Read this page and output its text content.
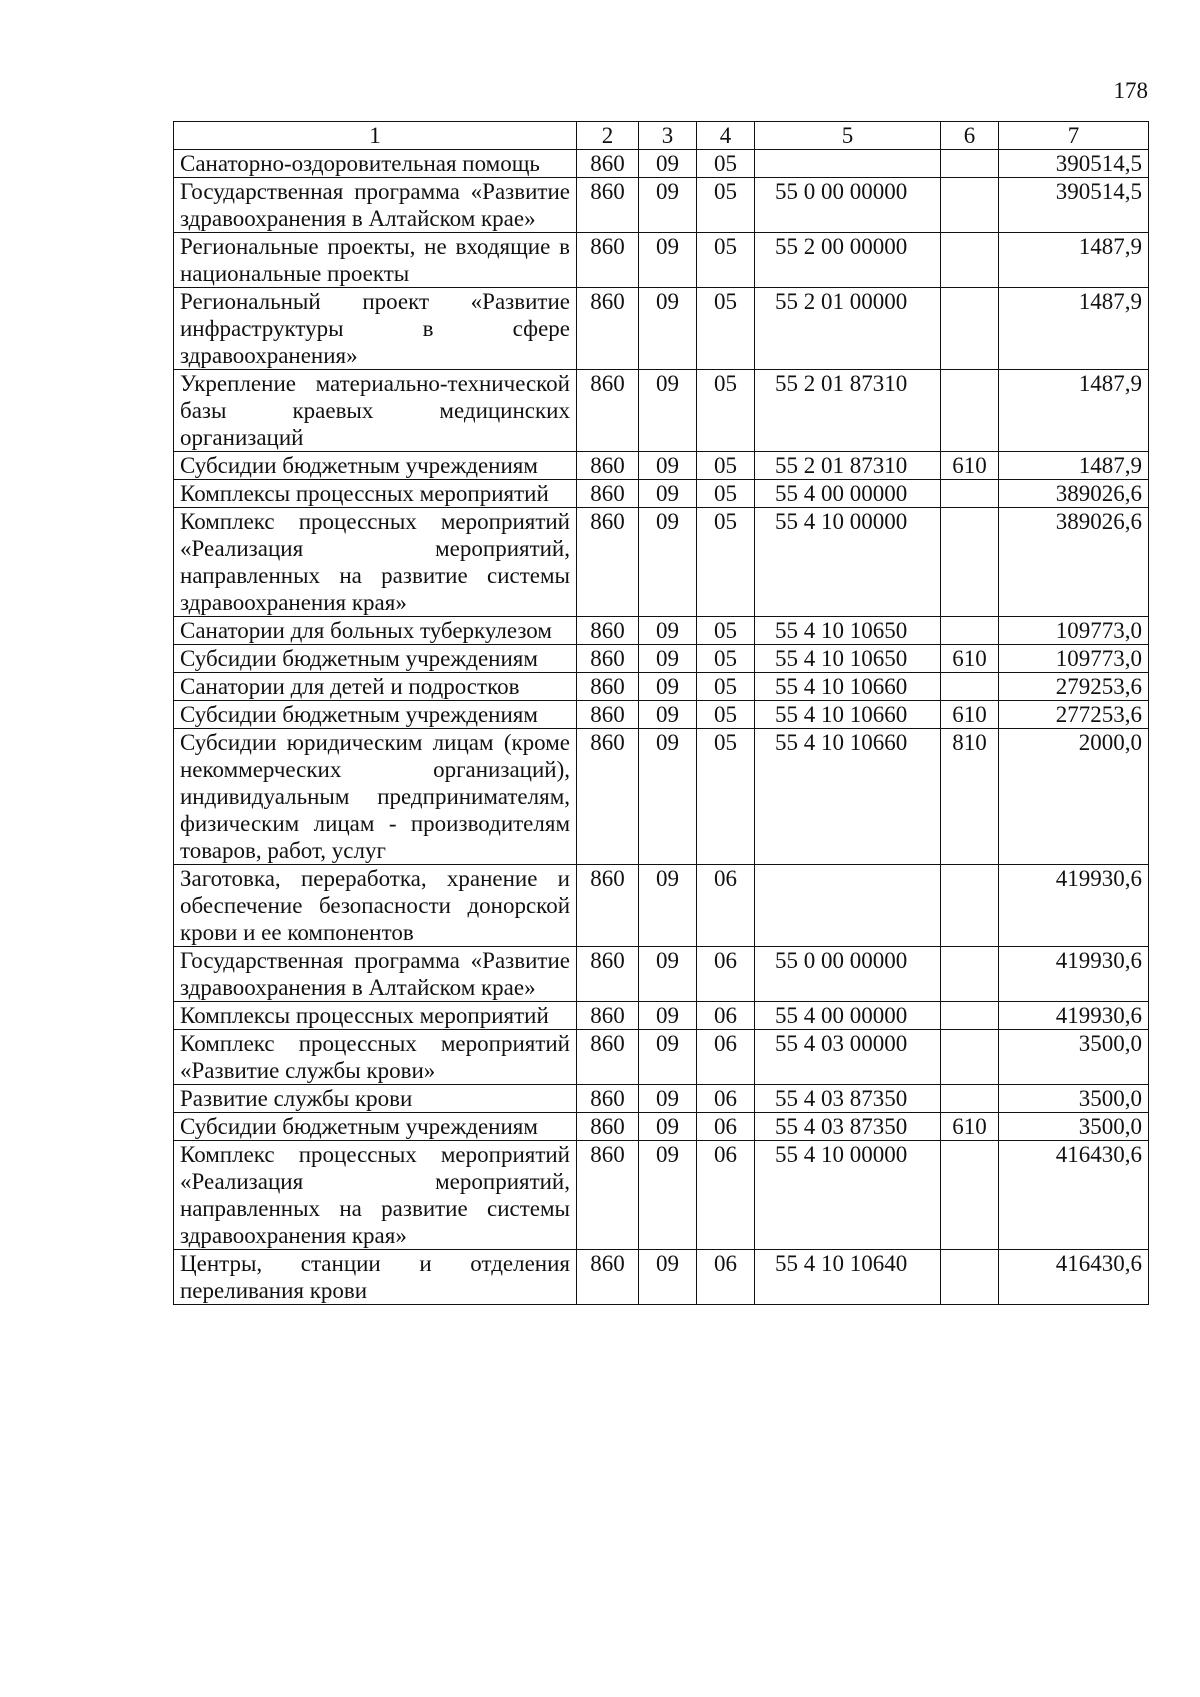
178
1	2	3	4	5	6	7
Санаторно-оздоровительная помощь	860	09	05			390514,5
Государственная программа «Развитие здравоохранения в Алтайском крае»	860	09	05	55 0 00 00000		390514,5
Региональные проекты, не входящие в национальные проекты	860	09	05	55 2 00 00000		1487,9
Региональный проект «Развитие инфраструктуры в сфере здравоохранения»	860	09	05	55 2 01 00000		1487,9
Укрепление материально-технической базы краевых медицинских организаций	860	09	05	55 2 01 87310		1487,9
Субсидии бюджетным учреждениям	860	09	05	55 2 01 87310	610	1487,9
Комплексы процессных мероприятий	860	09	05	55 4 00 00000		389026,6
Комплекс процессных мероприятий «Реализация мероприятий, направленных на развитие системы здравоохранения края»	860	09	05	55 4 10 00000		389026,6
Санатории для больных туберкулезом	860	09	05	55 4 10 10650		109773,0
Субсидии бюджетным учреждениям	860	09	05	55 4 10 10650	610	109773,0
Санатории для детей и подростков	860	09	05	55 4 10 10660		279253,6
Субсидии бюджетным учреждениям	860	09	05	55 4 10 10660	610	277253,6
Субсидии юридическим лицам (кроме некоммерческих организаций), индивидуальным предпринимателям, физическим лицам - производителям товаров, работ, услуг	860	09	05	55 4 10 10660	810	2000,0
Заготовка, переработка, хранение и обеспечение безопасности донорской крови и ее компонентов	860	09	06			419930,6
Государственная программа «Развитие здравоохранения в Алтайском крае»	860	09	06	55 0 00 00000		419930,6
Комплексы процессных мероприятий	860	09	06	55 4 00 00000		419930,6
Комплекс процессных мероприятий «Развитие службы крови»	860	09	06	55 4 03 00000		3500,0
Развитие службы крови	860	09	06	55 4 03 87350		3500,0
Субсидии бюджетным учреждениям	860	09	06	55 4 03 87350	610	3500,0
Комплекс процессных мероприятий «Реализация мероприятий, направленных на развитие системы здравоохранения края»	860	09	06	55 4 10 00000		416430,6
Центры, станции и отделения переливания крови	860	09	06	55 4 10 10640		416430,6
